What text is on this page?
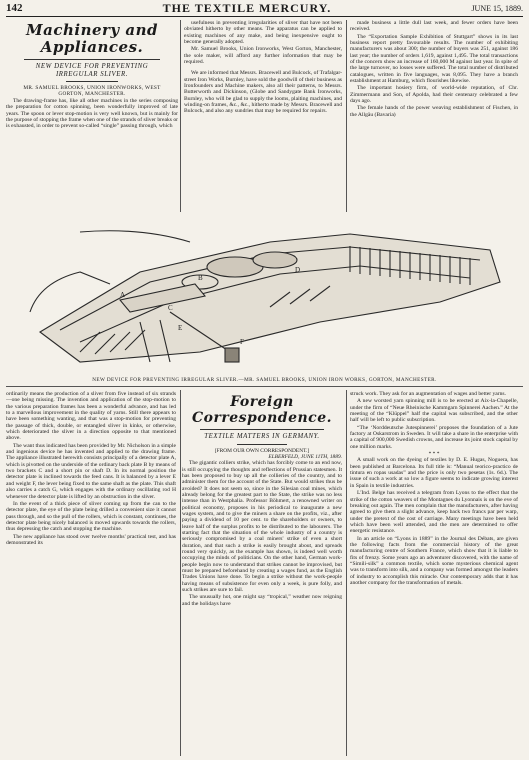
142	THE TEXTILE MERCURY.	JUNE 15, 1889.
Machinery and
Appliances.
NEW DEVICE FOR PREVENTING
IRREGULAR SLIVER.
MR. SAMUEL BROOKS, UNION IRONWORKS, WEST
GORTON, MANCHESTER.

The drawing-frame has, like all other machines in the series composing the preparation for cotton spinning, been wonderfully improved of late years. The spoon or lever stop-motion is very well known, but is mainly for the purpose of stopping the frame when one of the strands of sliver breaks or is exhausted, in order to prevent so-called “single” passing through, which

usefulness in preventing irregularities of sliver that have not been obviated hitherto by other means. The apparatus can be applied to existing machines of any make, and being inexpensive ought to become generally adopted.

Mr. Samuel Brooks, Union Ironworks, West Gorton, Manchester, the sole maker, will afford any further information that may be required.

We are informed that Messrs. Bracewell and Bulcock, of Trafalgar-street Iron Works, Burnley, have sold the goodwill of their business as Ironfounders and Machine makers, also all their patterns, to Messrs. Butterworth and Dickinson, (Globe and Sandygate Bank Ironworks, Burnley, who will be glad to supply the looms, plaiting machines, and winding-on frames, &c., &c., hitherto made by Messrs. Bracewell and Bulcock, and also any sundries that may be required for repairs.

made business a little dull last week, and fewer orders have been received.

The “Exportation Sample Exhibition of Stuttgart” shows in its last business report pretty favourable results. The number of exhibiting manufacturers was about 300; the number of buyers was 251, against 186 last year; the number of orders 1,619, against 1,495. The total transactions of the concern show an increase of 160,000 M against last year. In spite of the large turnover, no losses were suffered. The total number of distributed catalogues, written in five languages, was 8,095. They have a branch establishment at Hamburg, which flourishes likewise.

The important hosiery firm, of world-wide reputation, of Chr. Zimmermann and Son, of Apolda, had their centenary celebrated a few days ago.

The female hands of the power weaving establishment of Fischen, in the Allgäu (Bavaria)

A
B
C
F
E
D
NEW DEVICE FOR PREVENTING IRREGULAR SLIVER.—MR. SAMUEL BROOKS, UNION IRON WORKS, GORTON, MANCHESTER.

ordinarily means the production of a sliver from five instead of six strands—one being missing. The invention and application of the stop-motion to the various preparation frames has been a wonderful advance, and has led to a marvellous improvement in the quality of yarns. Still there appears to have been something wanting, and that was a stop-motion for preventing the passage of thick, double, or entangled sliver in kinks, or otherwise, which deteriorated the sliver in a direction opposite to that mentioned above.

The want thus indicated has been provided by Mr. Nicholson in a simple and ingenious device he has invented and applied to the drawing frame. The appliance illustrated herewith consists principally of a detector plate A, which is pivotted on the underside of the ordinary back plate B by means of two brackets C and a short pin or shaft D. In its normal position the detector plate is inclined towards the feed cans. It is balanced by a lever E and weight F, the lever being fixed to the same shaft as the plate. This shaft also carries a catch G, which engages with the ordinary oscillating rod H whenever the detector plate is lifted by an obstruction in the sliver.

In the event of a thick piece of sliver coming up from the can to the detector plate, the eye of the plate being drilled a convenient size it cannot pass through, and so the pull of the rollers, which is constant, continues, the detector plate being nicely balanced is moved upwards towards the rollers, thus depressing the catch and stopping the machine.

The new appliance has stood over twelve months' practical test, and has demonstrated its

Foreign
Correspondence.
TEXTILE MATTERS IN GERMANY.
[FROM OUR OWN CORRESPONDENT.]
ELBERFELD, JUNE 11TH, 1889.

The gigantic colliers strike, which has forcibly come to an end now, is still occupying the thoughts and reflections of Prussian statesmen. It has been proposed to buy up all the collieries of the country, and to administer them for the account of the State. But would strikes thus be avoided? It does not seem so, since in the Silesian coal mines, which already belong for the greatest part to the State, the strike was no less intense than in Westphalia. Professor Böhmert, a renowned writer on political economy, proposes in his periodical to inaugurate a new wages system, and to give the miners a share on the profits, viz., after paying a dividend of 10 per cent. to the shareholders or owners, to leave half of the surplus profits to be distributed to the labourers. The starting fact that the situation of the whole industry of a country is seriously compromised by a coal miners' strike of even a short duration, and that such a strike is easily brought about, and spreads round very quickly, as the example has shown, is indeed well worth occupying the minds of politicians. On the other hand, German work-people begin now to understand that strikes cannot be improvised, but must be prepared beforehand by creating a wages fund, as the English Trades Unions have done. To begin a strike without the work-people having means of subsistence for even only a week, is pure folly, and such strikes are sure to fail.

The unusually hot, one might say “tropical,” weather now reigning and the holidays have

struck work. They ask for an augmentation of wages and better yarns.

A new worsted yarn spinning mill is to be erected at Aix-la-Chapelle, under the firm of “Neue Rheinische Kammgarn Spinnerei Aachen.” At the meeting of the “Klüppel” half the capital was subscribed, and the other half will be left to public subscription.

“The ‘Norddeutsche Jutespinnerei’ proposes the foundation of a Jute factory at Oskarstrom in Sweden. It will take a share in the enterprise with a capital of 900,000 Swedish crowns, and increase its joint stock capital by one million marks.

* * *

A small work on the dyeing of textiles by D. E. Hugas, Noguera, has been published at Barcelona. Its full title is: “Manual teorico-practico de tintura en ropas usadas” and the price is only two pesetas (1s. 6d.). The issue of such a work at so low a figure seems to indicate growing interest in Spain in textile industries.

L'Ind. Belge has received a telegram from Lyons to the effect that the strike of the cotton weavers of the Montagnes du Lyonnais is on the eve of breaking out again. The men complain that the manufacturers, after having agreed to give them a slight advance, keep back two francs par per warp, under the pretext of the cost of carriage. Many meetings have been held which have been well attended, and the men are determined to offer energetic resistance.

In an article on “Lyons in 1889” in the Journal des Débats, are given the following facts from the commercial history of the great manufacturing centre of Southern France, which show that it is liable to fits of frenzy. Some years ago an adventurer discovered, with the name of “Simili-silk” a common textile, which some mysterious chemical agent was to transform into silk, and a company was formed amongst the leaders of industry to accomplish this miracle. Our contemporary adds that it has another company for the transformation of metals.
